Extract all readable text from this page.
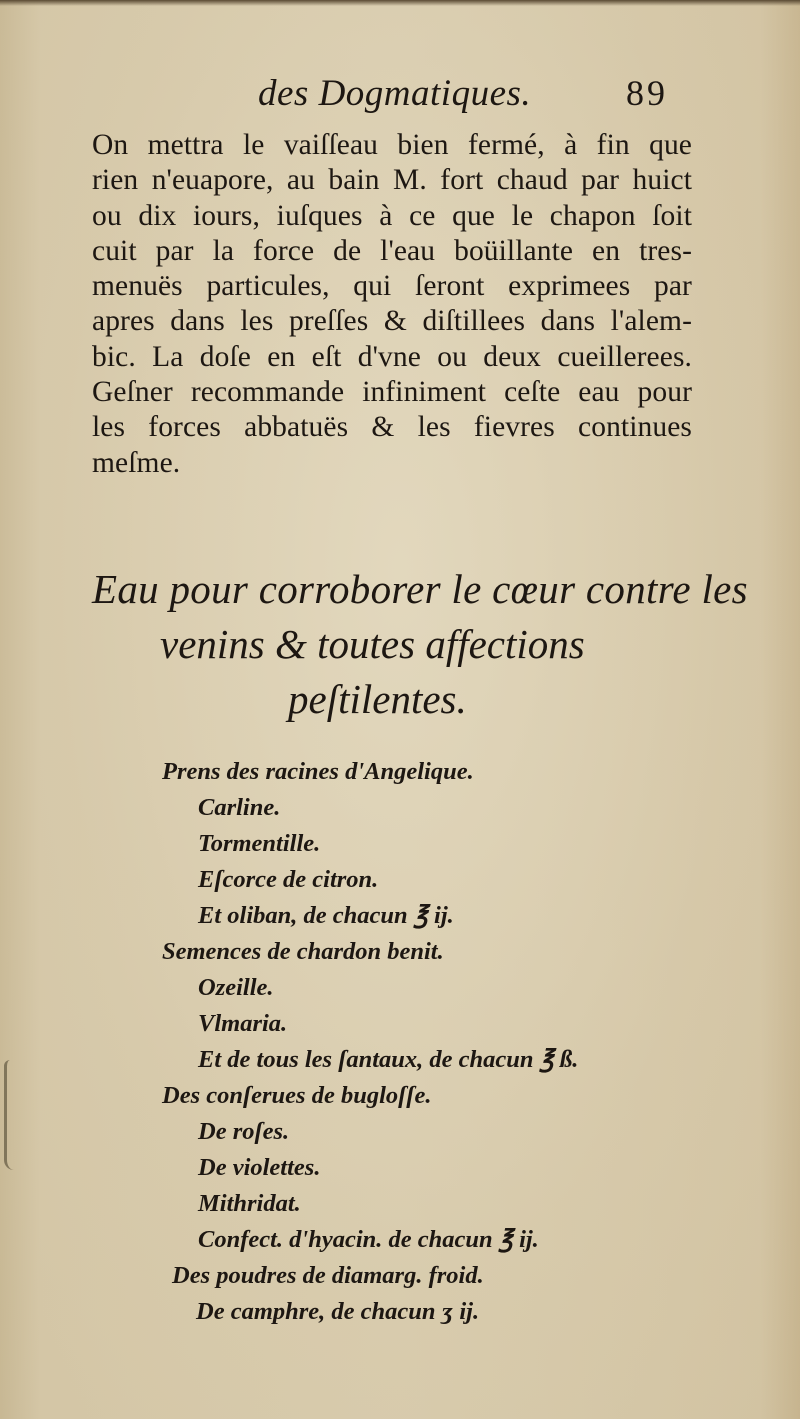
des Dogmatiques.	89

On mettra le vaiſſeau bien fermé, à fin que
rien n'euapore, au bain M. fort chaud par huict
ou dix iours, iuſques à ce que le chapon ſoit
cuit par la force de l'eau boüillante en tres-
menuës particules, qui ſeront exprimees par
apres dans les preſſes & diſtillees dans l'alem-
bic. La doſe en eſt d'vne ou deux cueillerees.
Geſner recommande infiniment ceſte eau pour
les forces abbatuës & les fievres continues
meſme.

Eau pour corroborer le cœur contre les
venins & toutes affections
peſtilentes.
Prens des racines d'Angelique.
Carline.
Tormentille.
Eſcorce de citron.
Et oliban, de chacun ℥ ij.
Semences de chardon benit.
Ozeille.
Vlmaria.
Et de tous les ſantaux, de chacun ℥ ß.
Des conſerues de bugloſſe.
De roſes.
De violettes.
Mithridat.
Confect. d'hyacin. de chacun ℥ ij.
Des poudres de diamarg. froid.
De camphre, de chacun ʒ ij.
